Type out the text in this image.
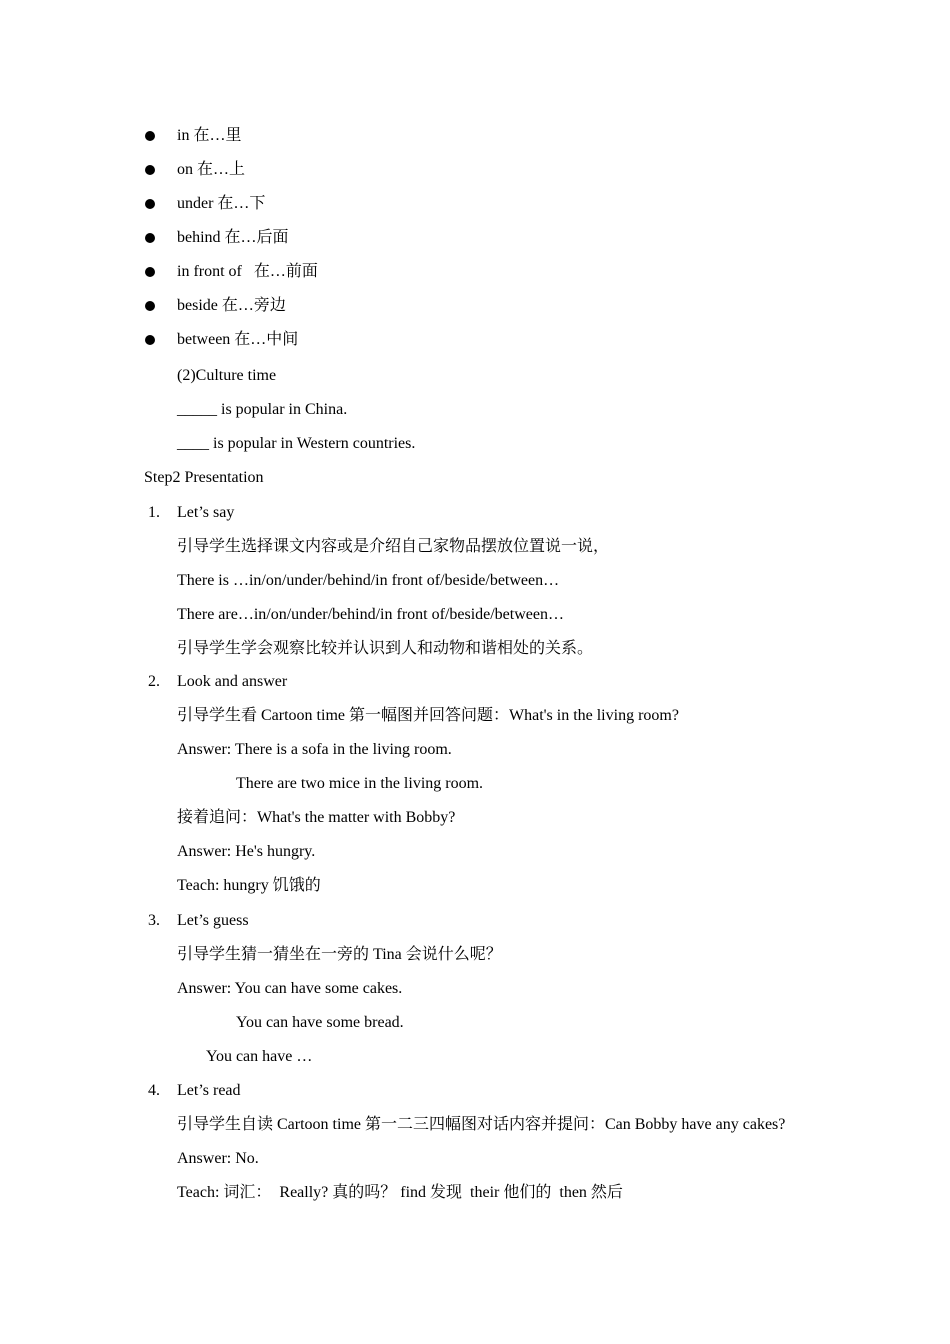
in 在…里
on 在…上
under 在…下
behind 在…后面
in front of   在…前面
beside 在…旁边
between 在…中间
(2)Culture time
_____ is popular in China.
____ is popular in Western countries.
Step2 Presentation
1. Let’s say
引导学生选择课文内容或是介绍自己家物品摆放位置说一说，
There is …in/on/under/behind/in front of/beside/between…
There are…in/on/under/behind/in front of/beside/between…
引导学生学会观察比较并认识到人和动物和谐相处的关系。
2. Look and answer
引导学生看 Cartoon time 第一幅图并回答问题：What's in the living room?
Answer: There is a sofa in the living room.
There are two mice in the living room.
接着追问：What's the matter with Bobby?
Answer: He's hungry.
Teach: hungry 饥饿的
3. Let’s guess
引导学生猜一猜坐在一旁的 Tina 会说什么呢？
Answer: You can have some cakes.
You can have some bread.
You can have …
4. Let’s read
引导学生自读 Cartoon time 第一二三四幅图对话内容并提问：Can Bobby have any cakes?
Answer: No.
Teach: 词汇：  Really? 真的吗？ find 发现  their 他们的  then 然后
